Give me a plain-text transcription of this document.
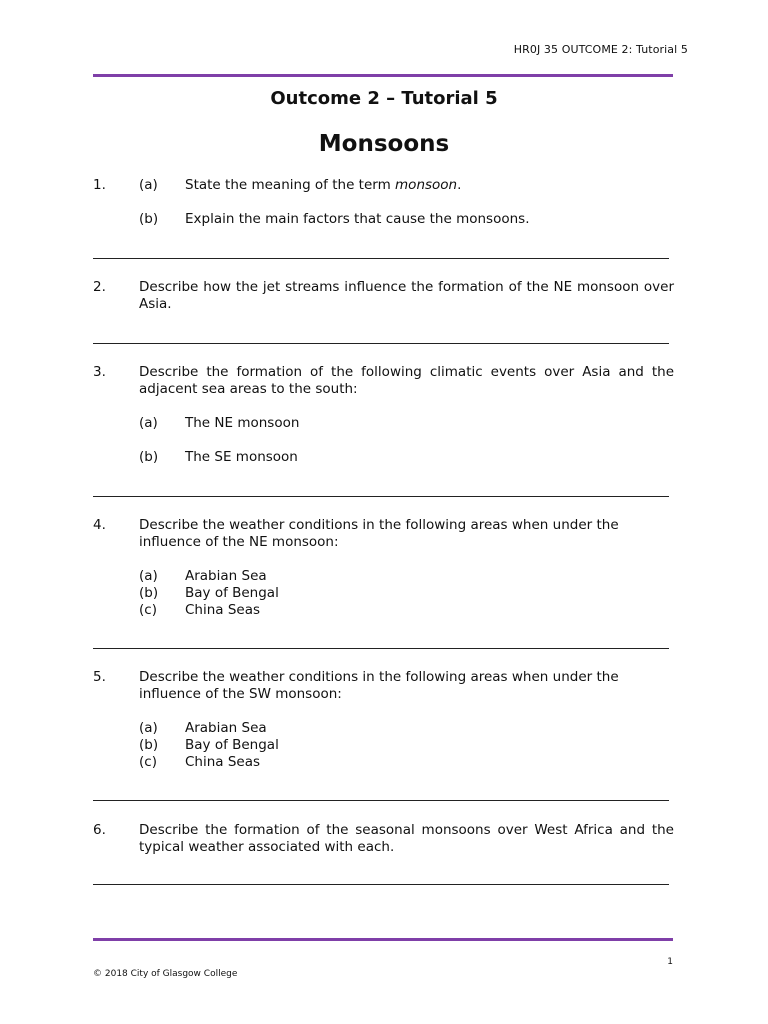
HR0J 35 OUTCOME 2: Tutorial 5
Outcome 2 – Tutorial 5
Monsoons
1. (a) State the meaning of the term monsoon.
(b) Explain the main factors that cause the monsoons.
2. Describe how the jet streams influence the formation of the NE monsoon over Asia.
3. Describe the formation of the following climatic events over Asia and the adjacent sea areas to the south:
(a) The NE monsoon
(b) The SE monsoon
4. Describe the weather conditions in the following areas when under the influence of the NE monsoon:
(a) Arabian Sea
(b) Bay of Bengal
(c) China Seas
5. Describe the weather conditions in the following areas when under the influence of the SW monsoon:
(a) Arabian Sea
(b) Bay of Bengal
(c) China Seas
6. Describe the formation of the seasonal monsoons over West Africa and the typical weather associated with each.
1
© 2018 City of Glasgow College
